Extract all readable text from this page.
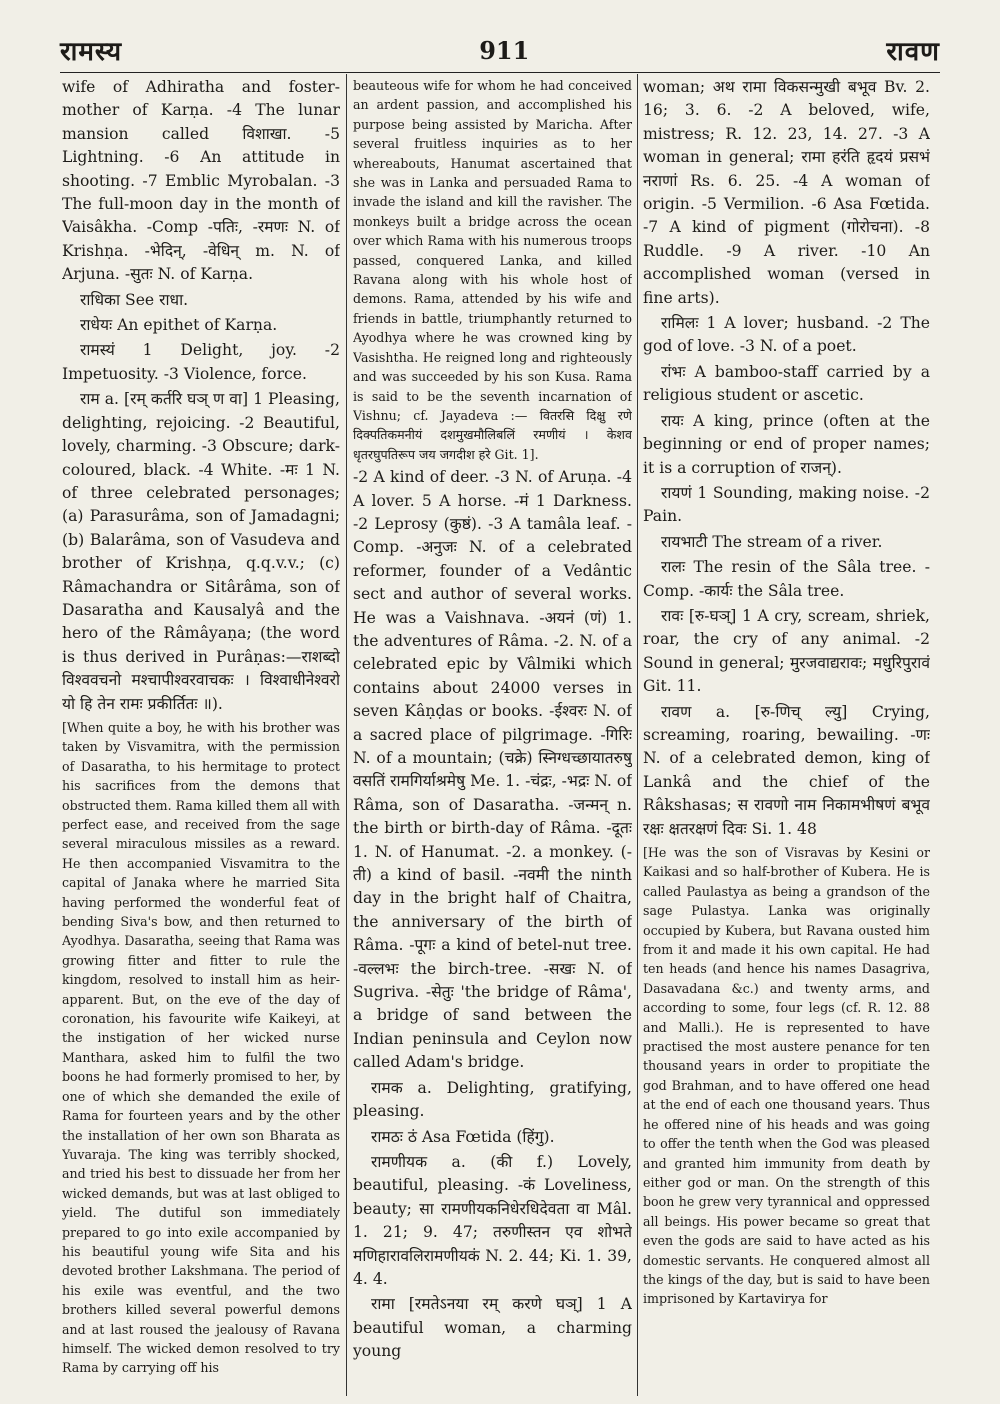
रामस्य	911	रावण

wife of Adhiratha and foster-mother of Karṇa. -4 The lunar mansion called विशाखा. -5 Lightning. -6 An attitude in shooting. -7 Emblic Myrobalan. -3 The full-moon day in the month of Vaisâkha. -Comp -पतिः, -रमणः N. of Krishṇa. -भेदिन्, -वेधिन् m. N. of Arjuna. -सुतः N. of Karṇa.

राधिका See राधा.

राधेयः An epithet of Karṇa.

रामस्यं 1 Delight, joy. -2 Impetuosity. -3 Violence, force.

राम a. [रम् कर्तरि घञ् ण वा] 1 Pleasing, delighting, rejoicing. -2 Beautiful, lovely, charming. -3 Obscure; dark-coloured, black. -4 White. -मः 1 N. of three celebrated personages; (a) Parasurâma, son of Jamadagni; (b) Balarâma, son of Vasudeva and brother of Krishṇa, q.q.v.v.; (c) Râmachandra or Sitârâma, son of Dasaratha and Kausalyâ and the hero of the Râmâyaṇa; (the word is thus derived in Purâṇas:—राशब्दो विश्ववचनो मश्चापीश्वरवाचकः । विश्वाधीनेश्वरो यो हि तेन रामः प्रकीर्तितः ॥).

[When quite a boy, he with his brother was taken by Visvamitra, with the permission of Dasaratha, to his hermitage to protect his sacrifices from the demons that obstructed them. Rama killed them all with perfect ease, and received from the sage several miraculous missiles as a reward. He then accompanied Visvamitra to the capital of Janaka where he married Sita having performed the wonderful feat of bending Siva's bow, and then returned to Ayodhya. Dasaratha, seeing that Rama was growing fitter and fitter to rule the kingdom, resolved to install him as heir-apparent. But, on the eve of the day of coronation, his favourite wife Kaikeyi, at the instigation of her wicked nurse Manthara, asked him to fulfil the two boons he had formerly promised to her, by one of which she demanded the exile of Rama for fourteen years and by the other the installation of her own son Bharata as Yuvaraja. The king was terribly shocked, and tried his best to dissuade her from her wicked demands, but was at last obliged to yield. The dutiful son immediately prepared to go into exile accompanied by his beautiful young wife Sita and his devoted brother Lakshmana. The period of his exile was eventful, and the two brothers killed several powerful demons and at last roused the jealousy of Ravana himself. The wicked demon resolved to try Rama by carrying off his

beauteous wife for whom he had conceived an ardent passion, and accomplished his purpose being assisted by Maricha. After several fruitless inquiries as to her whereabouts, Hanumat ascertained that she was in Lanka and persuaded Rama to invade the island and kill the ravisher. The monkeys built a bridge across the ocean over which Rama with his numerous troops passed, conquered Lanka, and killed Ravana along with his whole host of demons. Rama, attended by his wife and friends in battle, triumphantly returned to Ayodhya where he was crowned king by Vasishtha. He reigned long and righteously and was succeeded by his son Kusa. Rama is said to be the seventh incarnation of Vishnu; cf. Jayadeva :— वितरसि दिक्षु रणे दिक्पतिकमनीयं दशमुखमौलिबलिं रमणीयं । केशव धृतरघुपतिरूप जय जगदीश हरे Git. 1].

-2 A kind of deer. -3 N. of Aruṇa. -4 A lover. 5 A horse. -मं 1 Darkness. -2 Leprosy (कुष्ठं). -3 A tamâla leaf. -Comp. -अनुजः N. of a celebrated reformer, founder of a Vedântic sect and author of several works. He was a Vaishnava. -अयनं (णं) 1. the adventures of Râma. -2. N. of a celebrated epic by Vâlmiki which contains about 24000 verses in seven Kâṇḍas or books. -ईश्वरः N. of a sacred place of pilgrimage. -गिरिः N. of a mountain; (चक्रे) स्निग्धच्छायातरुषु वसतिं रामगिर्याश्रमेषु Me. 1. -चंद्रः, -भद्रः N. of Râma, son of Dasaratha. -जन्मन् n. the birth or birth-day of Râma. -दूतः 1. N. of Hanumat. -2. a monkey. (-ती) a kind of basil. -नवमी the ninth day in the bright half of Chaitra, the anniversary of the birth of Râma. -पूगः a kind of betel-nut tree. -वल्लभः the birch-tree. -सखः N. of Sugriva. -सेतुः 'the bridge of Râma', a bridge of sand between the Indian peninsula and Ceylon now called Adam's bridge.

रामक a. Delighting, gratifying, pleasing.

रामठः ठं Asa Fœtida (हिंगु).

रामणीयक a. (की f.) Lovely, beautiful, pleasing. -कं Loveliness, beauty; सा रामणीयकनिधेरधिदेवता वा Mâl. 1. 21; 9. 47; तरुणीस्तन एव शोभते मणिहारावलिरामणीयकं N. 2. 44; Ki. 1. 39, 4. 4.

रामा [रमतेऽनया रम् करणे घञ्] 1 A beautiful woman, a charming young

woman; अथ रामा विकसन्मुखी बभूव Bv. 2. 16; 3. 6. -2 A beloved, wife, mistress; R. 12. 23, 14. 27. -3 A woman in general; रामा हरंति हृदयं प्रसभं नराणां Rs. 6. 25. -4 A woman of origin. -5 Vermilion. -6 Asa Fœtida. -7 A kind of pigment (गोरोचना). -8 Ruddle. -9 A river. -10 An accomplished woman (versed in fine arts).

रामिलः 1 A lover; husband. -2 The god of love. -3 N. of a poet.

रांभः A bamboo-staff carried by a religious student or ascetic.

रायः A king, prince (often at the beginning or end of proper names; it is a corruption of राजन्).

रायणं 1 Sounding, making noise. -2 Pain.

रायभाटी The stream of a river.

रालः The resin of the Sâla tree. -Comp. -कार्यः the Sâla tree.

रावः [रु-घञ्] 1 A cry, scream, shriek, roar, the cry of any animal. -2 Sound in general; मुरजवाद्यरावः; मधुरिपुरावं Git. 11.

रावण a. [रु-णिच् ल्यु] Crying, screaming, roaring, bewailing. -णः N. of a celebrated demon, king of Lankâ and the chief of the Râkshasas; स रावणो नाम निकामभीषणं बभूव रक्षः क्षतरक्षणं दिवः Si. 1. 48

[He was the son of Visravas by Kesini or Kaikasi and so half-brother of Kubera. He is called Paulastya as being a grandson of the sage Pulastya. Lanka was originally occupied by Kubera, but Ravana ousted him from it and made it his own capital. He had ten heads (and hence his names Dasagriva, Dasavadana &c.) and twenty arms, and according to some, four legs (cf. R. 12. 88 and Malli.). He is represented to have practised the most austere penance for ten thousand years in order to propitiate the god Brahman, and to have offered one head at the end of each one thousand years. Thus he offered nine of his heads and was going to offer the tenth when the God was pleased and granted him immunity from death by either god or man. On the strength of this boon he grew very tyrannical and oppressed all beings. His power became so great that even the gods are said to have acted as his domestic servants. He conquered almost all the kings of the day, but is said to have been imprisoned by Kartavirya for
